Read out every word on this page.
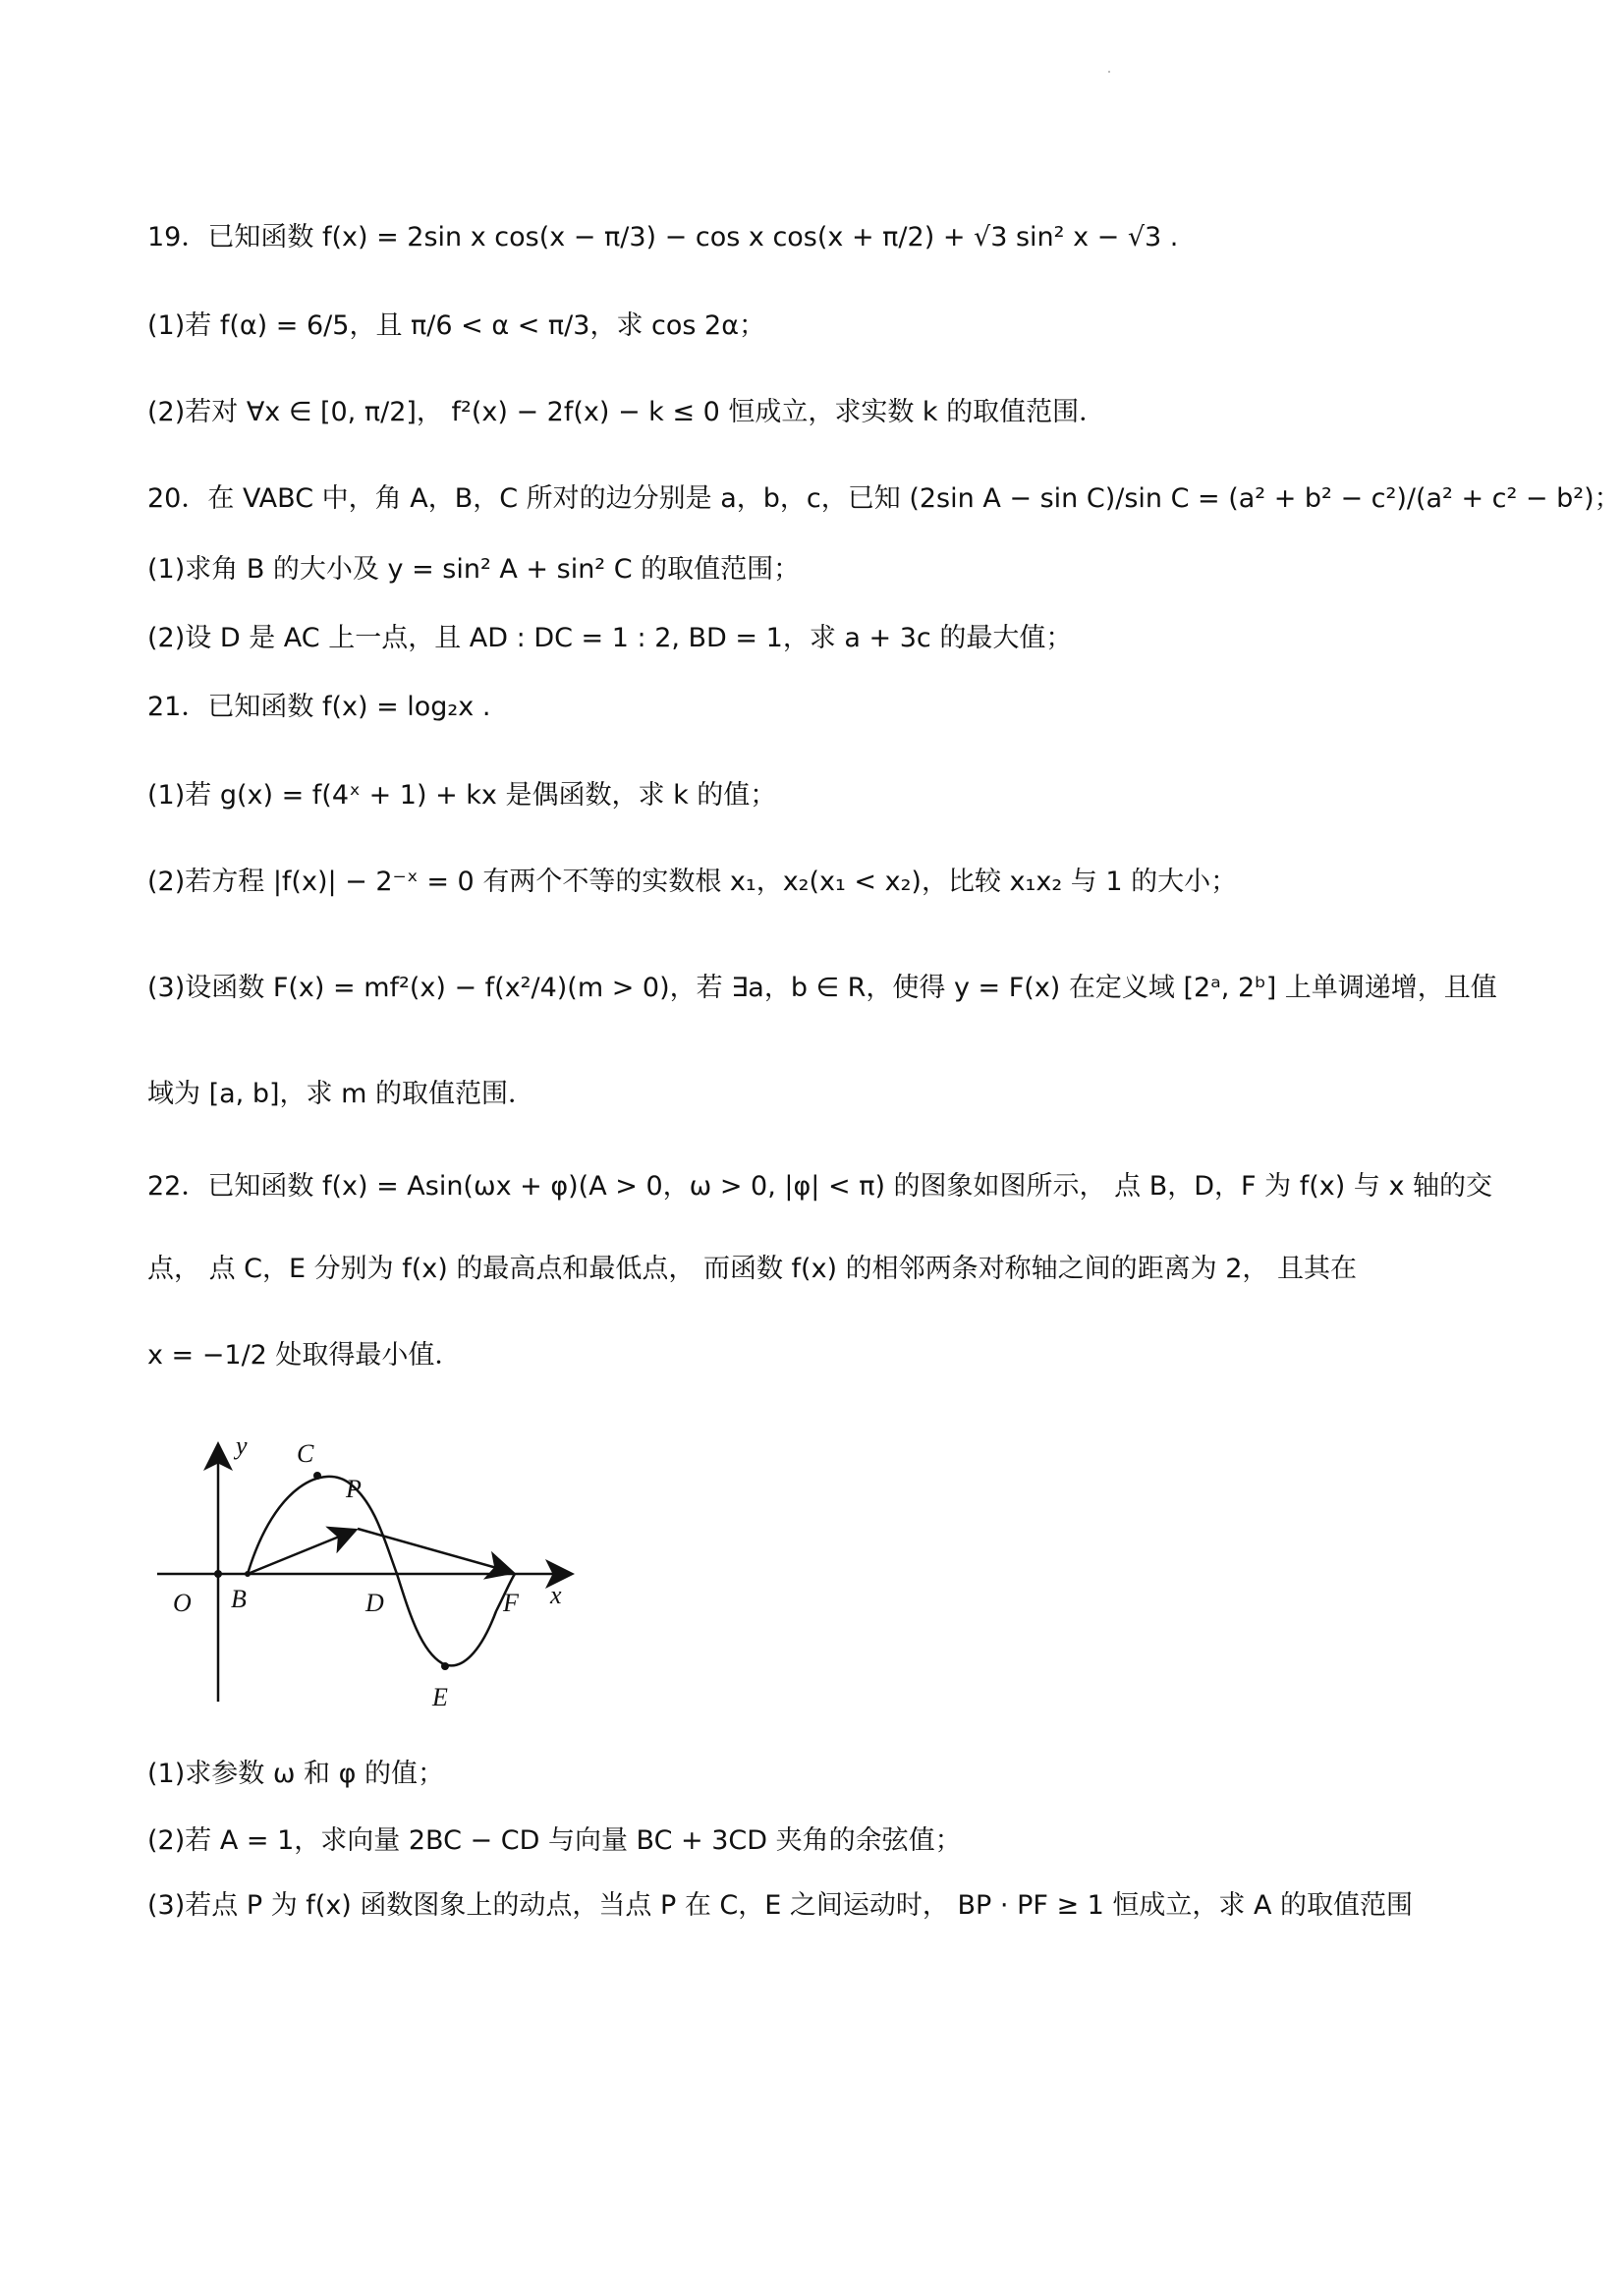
19．已知函数 f(x) = 2sin x cos(x − π/3) − cos x cos(x + π/2) + √3 sin² x − √3 .
(1)若 f(α) = 6/5，且 π/6 < α < π/3，求 cos 2α；
(2)若对 ∀x ∈ [0, π/2]， f²(x) − 2f(x) − k ≤ 0 恒成立，求实数 k 的取值范围．
20．在 VABC 中，角 A，B，C 所对的边分别是 a，b，c，已知 (2sin A − sin C)/sin C = (a² + b² − c²)/(a² + c² − b²)；
(1)求角 B 的大小及 y = sin² A + sin² C 的取值范围；
(2)设 D 是 AC 上一点，且 AD : DC = 1 : 2, BD = 1，求 a + 3c 的最大值；
21．已知函数 f(x) = log₂x .
(1)若 g(x) = f(4ˣ + 1) + kx 是偶函数，求 k 的值；
(2)若方程 |f(x)| − 2⁻ˣ = 0 有两个不等的实数根 x₁，x₂(x₁ < x₂)，比较 x₁x₂ 与 1 的大小；
(3)设函数 F(x) = mf²(x) − f(x²/4)(m > 0)，若 ∃a，b ∈ R，使得 y = F(x) 在定义域 [2ᵃ, 2ᵇ] 上单调递增，且值
域为 [a, b]，求 m 的取值范围．
22．已知函数 f(x) = Asin(ωx + φ)(A > 0，ω > 0, |φ| < π) 的图象如图所示， 点 B，D，F 为 f(x) 与 x 轴的交
点， 点 C，E 分别为 f(x) 的最高点和最低点， 而函数 f(x) 的相邻两条对称轴之间的距离为 2， 且其在
x = −1/2 处取得最小值．
y
x
O B
C
P
D
E
F
(1)求参数 ω 和 φ 的值；
(2)若 A = 1，求向量 2BC − CD 与向量 BC + 3CD 夹角的余弦值；
(3)若点 P 为 f(x) 函数图象上的动点，当点 P 在 C，E 之间运动时， BP · PF ≥ 1 恒成立，求 A 的取值范围
